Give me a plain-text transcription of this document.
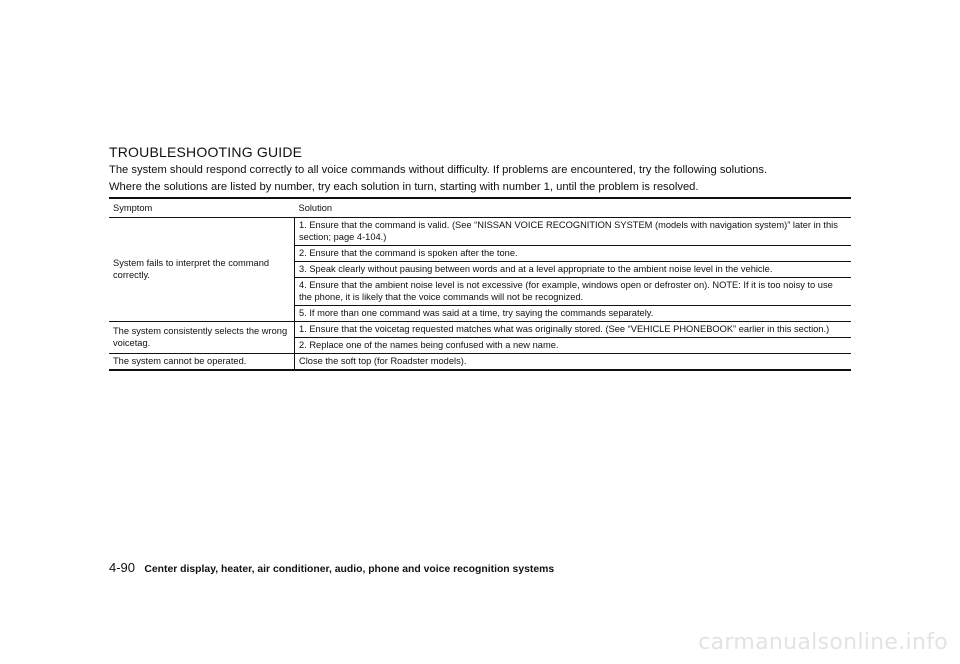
TROUBLESHOOTING GUIDE
The system should respond correctly to all voice commands without difficulty. If problems are encountered, try the following solutions.
Where the solutions are listed by number, try each solution in turn, starting with number 1, until the problem is resolved.
Symptom	Solution
System fails to interpret the command correctly.	1. Ensure that the command is valid. (See “NISSAN VOICE RECOGNITION SYSTEM (models with navigation system)” later in this section; page 4-104.)
	2. Ensure that the command is spoken after the tone.
	3. Speak clearly without pausing between words and at a level appropriate to the ambient noise level in the vehicle.
	4. Ensure that the ambient noise level is not excessive (for example, windows open or defroster on). NOTE: If it is too noisy to use the phone, it is likely that the voice commands will not be recognized.
	5. If more than one command was said at a time, try saying the commands separately.
The system consistently selects the wrong voicetag.	1. Ensure that the voicetag requested matches what was originally stored. (See “VEHICLE PHONEBOOK” earlier in this section.)
	2. Replace one of the names being confused with a new name.
The system cannot be operated.	Close the soft top (for Roadster models).
4-90 Center display, heater, air conditioner, audio, phone and voice recognition systems
carmanualsonline.info
